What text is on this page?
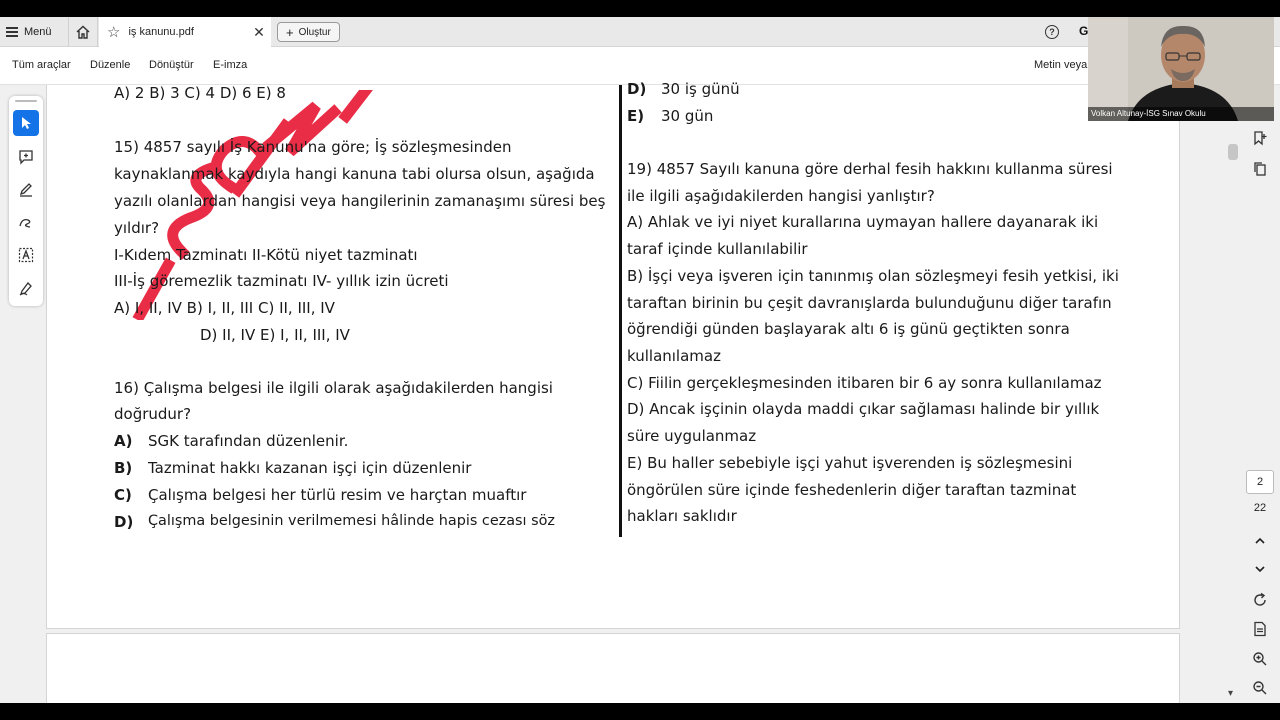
Menü	☆ iş kanunu.pdf	✕ + Oluştur	?	G
Tüm araçlar Düzenle Dönüştür E-imza	Metin veya
A) 2 B) 3 C) 4 D) 6 E) 8
15) 4857 sayılı İş Kanunu'na göre; İş sözleşmesinden
kaynaklanmak kaydıyla hangi kanuna tabi olursa olsun, aşağıda
yazılı olanlardan hangisi veya hangilerinin zamanaşımı süresi beş
yıldır?
I-Kıdem Tazminatı II-Kötü niyet tazminatı
III-İş göremezlik tazminatı IV- yıllık izin ücreti
A) I, II, IV B) I, II, III C) II, III, IV
D) II, IV E) I, II, III, IV
16) Çalışma belgesi ile ilgili olarak aşağıdakilerden hangisi
doğrudur?
A) SGK tarafından düzenlenir.
B) Tazminat hakkı kazanan işçi için düzenlenir
C) Çalışma belgesi her türlü resim ve harçtan muaftır
D) Çalışma belgesinin verilmemesi hâlinde hapis cezası söz
D) 30 iş günü
E) 30 gün
19) 4857 Sayılı kanuna göre derhal fesih hakkını kullanma süresi
ile ilgili aşağıdakilerden hangisi yanlıştır?
A) Ahlak ve iyi niyet kurallarına uymayan hallere dayanarak iki
taraf içinde kullanılabilir
B) İşçi veya işveren için tanınmış olan sözleşmeyi fesih yetkisi, iki
taraftan birinin bu çeşit davranışlarda bulunduğunu diğer tarafın
öğrendiği günden başlayarak altı 6 iş günü geçtikten sonra
kullanılamaz
C) Fiilin gerçekleşmesinden itibaren bir 6 ay sonra kullanılamaz
D) Ancak işçinin olayda maddi çıkar sağlaması halinde bir yıllık
süre uygulanmaz
E) Bu haller sebebiyle işçi yahut işverenden iş sözleşmesini
öngörülen süre içinde feshedenlerin diğer taraftan tazminat
hakları saklıdır
▾
2
22
Volkan Altunay-İSG Sınav Okulu
